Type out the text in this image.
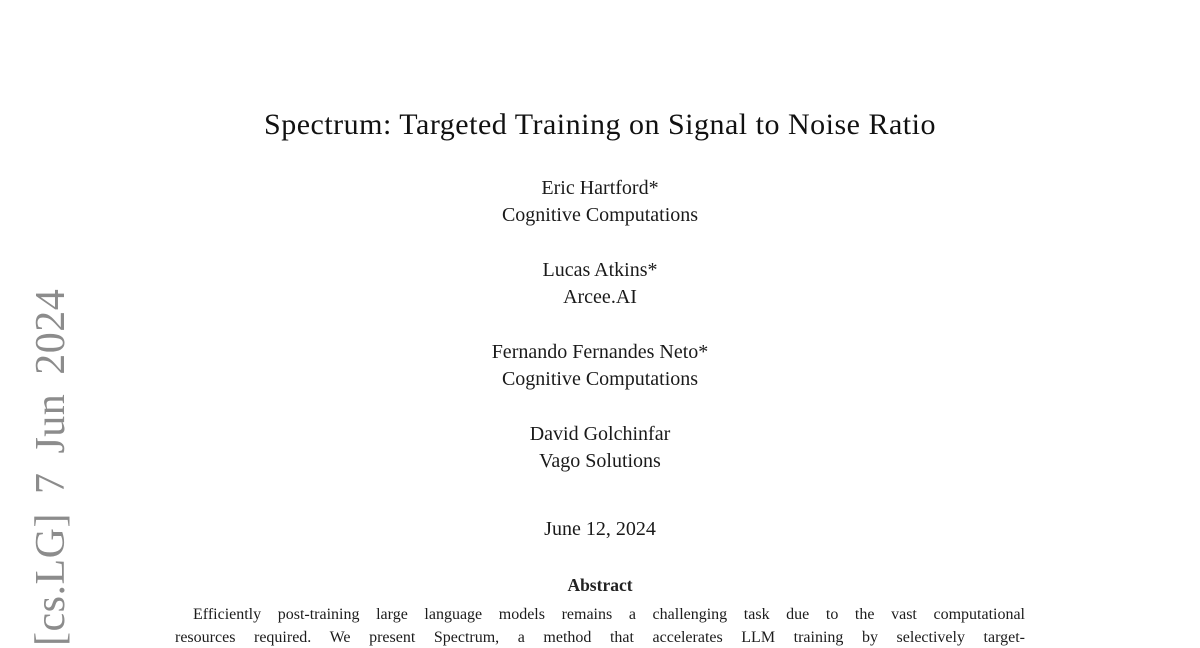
Spectrum: Targeted Training on Signal to Noise Ratio
Eric Hartford*
Cognitive Computations
Lucas Atkins*
Arcee.AI
Fernando Fernandes Neto*
Cognitive Computations
David Golchinfar
Vago Solutions
June 12, 2024
Abstract
Efficiently post-training large language models remains a challenging task due to the vast computational
resources required. We present Spectrum, a method that accelerates LLM training by selectively target-
[cs.LG] 7 Jun 2024
